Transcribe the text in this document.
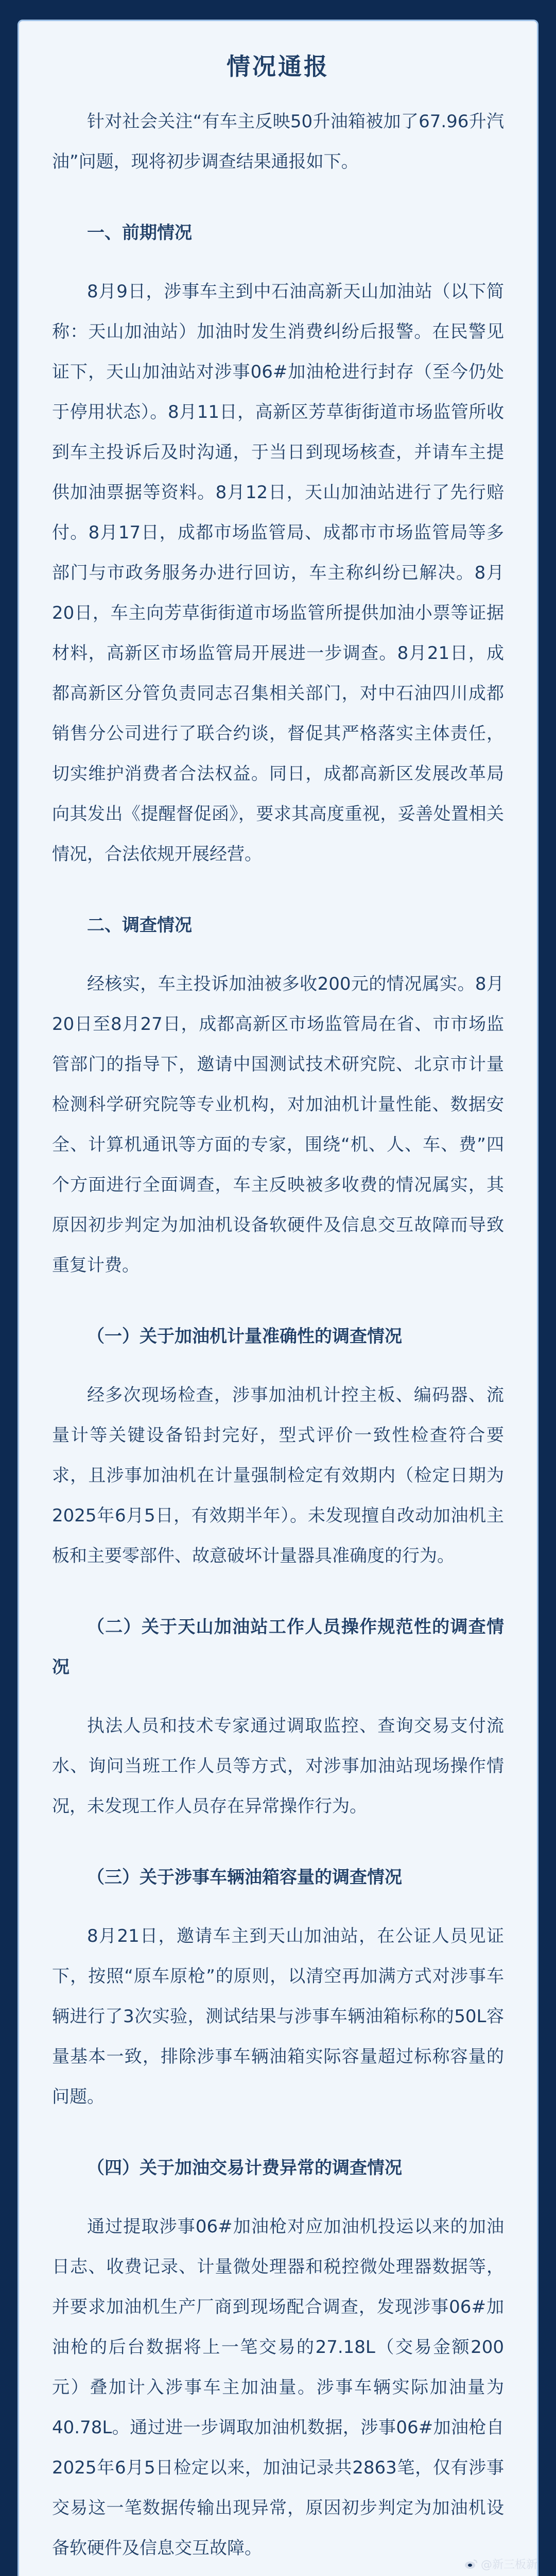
情况通报

针对社会关注“有车主反映50升油箱被加了67.96升汽油”问题，现将初步调查结果通报如下。

一、前期情况

8月9日，涉事车主到中石油高新天山加油站（以下简称：天山加油站）加油时发生消费纠纷后报警。在民警见证下，天山加油站对涉事06#加油枪进行封存（至今仍处于停用状态）。8月11日，高新区芳草街街道市场监管所收到车主投诉后及时沟通，于当日到现场核查，并请车主提供加油票据等资料。8月12日，天山加油站进行了先行赔付。8月17日，成都市场监管局、成都市市场监管局等多部门与市政务服务办进行回访，车主称纠纷已解决。8月20日，车主向芳草街街道市场监管所提供加油小票等证据材料，高新区市场监管局开展进一步调查。8月21日，成都高新区分管负责同志召集相关部门，对中石油四川成都销售分公司进行了联合约谈，督促其严格落实主体责任，切实维护消费者合法权益。同日，成都高新区发展改革局向其发出《提醒督促函》，要求其高度重视，妥善处置相关情况，合法依规开展经营。

二、调查情况

经核实，车主投诉加油被多收200元的情况属实。8月20日至8月27日，成都高新区市场监管局在省、市市场监管部门的指导下，邀请中国测试技术研究院、北京市计量检测科学研究院等专业机构，对加油机计量性能、数据安全、计算机通讯等方面的专家，围绕“机、人、车、费”四个方面进行全面调查，车主反映被多收费的情况属实，其原因初步判定为加油机设备软硬件及信息交互故障而导致重复计费。

（一）关于加油机计量准确性的调查情况

经多次现场检查，涉事加油机计控主板、编码器、流量计等关键设备铅封完好，型式评价一致性检查符合要求，且涉事加油机在计量强制检定有效期内（检定日期为2025年6月5日，有效期半年）。未发现擅自改动加油机主板和主要零部件、故意破坏计量器具准确度的行为。

（二）关于天山加油站工作人员操作规范性的调查情况

执法人员和技术专家通过调取监控、查询交易支付流水、询问当班工作人员等方式，对涉事加油站现场操作情况，未发现工作人员存在异常操作行为。

（三）关于涉事车辆油箱容量的调查情况

8月21日，邀请车主到天山加油站，在公证人员见证下，按照“原车原枪”的原则，以清空再加满方式对涉事车辆进行了3次实验，测试结果与涉事车辆油箱标称的50L容量基本一致，排除涉事车辆油箱实际容量超过标称容量的问题。

（四）关于加油交易计费异常的调查情况

通过提取涉事06#加油枪对应加油机投运以来的加油日志、收费记录、计量微处理器和税控微处理器数据等，并要求加油机生产厂商到现场配合调查，发现涉事06#加油枪的后台数据将上一笔交易的27.18L（交易金额200元）叠加计入涉事车主加油量。涉事车辆实际加油量为40.78L。通过进一步调取加油机数据，涉事06#加油枪自2025年6月5日检定以来，加油记录共2863笔，仅有涉事交易这一笔数据传输出现异常，原因初步判定为加油机设备软硬件及信息交互故障。

@新三板新
